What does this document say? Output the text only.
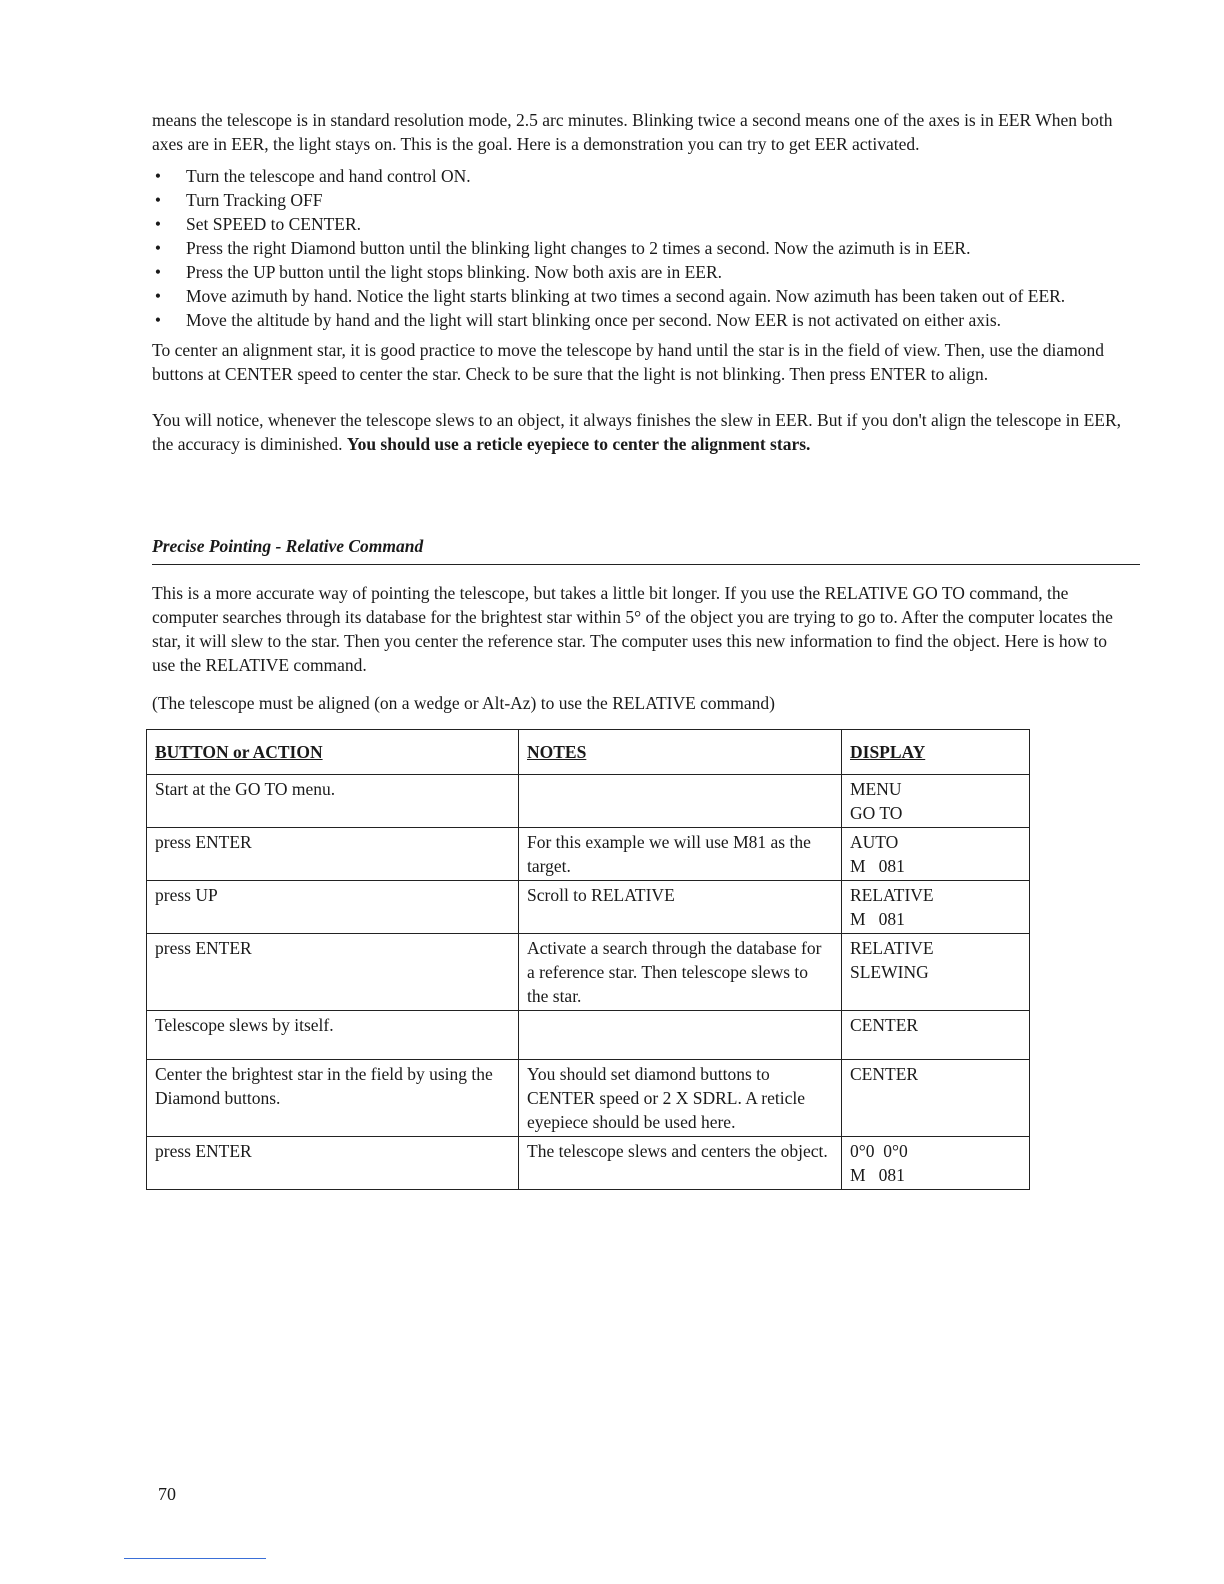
means the telescope is in standard resolution mode, 2.5 arc minutes. Blinking twice a second means one of the axes is in EER When both axes are in EER, the light stays on. This is the goal. Here is a demonstration you can try to get EER activated.

• Turn the telescope and hand control ON.
• Turn Tracking OFF
• Set SPEED to CENTER.
• Press the right Diamond button until the blinking light changes to 2 times a second. Now the azimuth is in EER.
• Press the UP button until the light stops blinking. Now both axis are in EER.
• Move azimuth by hand. Notice the light starts blinking at two times a second again. Now azimuth has been taken out of EER.
• Move the altitude by hand and the light will start blinking once per second. Now EER is not activated on either axis.

To center an alignment star, it is good practice to move the telescope by hand until the star is in the field of view. Then, use the diamond buttons at CENTER speed to center the star. Check to be sure that the light is not blinking. Then press ENTER to align.

You will notice, whenever the telescope slews to an object, it always finishes the slew in EER. But if you don't align the telescope in EER, the accuracy is diminished. You should use a reticle eyepiece to center the alignment stars.

Precise Pointing - Relative Command

This is a more accurate way of pointing the telescope, but takes a little bit longer. If you use the RELATIVE GO TO command, the computer searches through its database for the brightest star within 5° of the object you are trying to go to. After the computer locates the star, it will slew to the star. Then you center the reference star. The computer uses this new information to find the object. Here is how to use the RELATIVE command.

(The telescope must be aligned (on a wedge or Alt-Az) to use the RELATIVE command)

BUTTON or ACTION	NOTES	DISPLAY
Start at the GO TO menu.		MENU
GO TO

press ENTER	For this example we will use M81 as the target.	AUTO
M   081

press UP	Scroll to RELATIVE	RELATIVE
M   081

press ENTER	Activate a search through the database for a reference star. Then telescope slews to the star.	RELATIVE
SLEWING

Telescope slews by itself.		CENTER

Center the brightest star in the field by using the Diamond buttons.	You should set diamond buttons to CENTER speed or 2 X SDRL. A reticle eyepiece should be used here.	CENTER

press ENTER	The telescope slews and centers the object.	0°0  0°0
M   081
70
